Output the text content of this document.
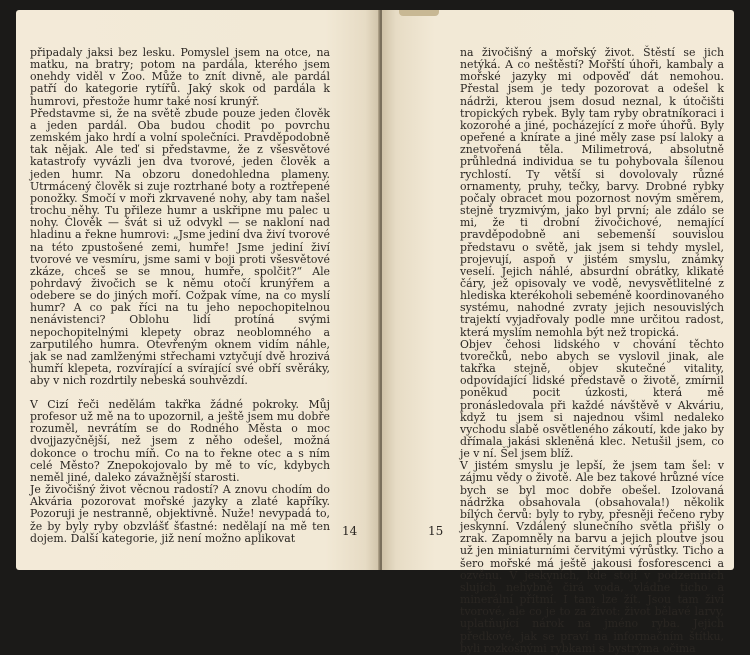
připadaly jaksi bez lesku. Pomyslel jsem na otce, na matku, na bratry; potom na pardála, kterého jsem onehdy viděl v Zoo. Může to znít divně, ale pardál patří do kategorie rytířů. Jaký skok od pardála k humrovi, přestože humr také nosí krunýř.

Představme si, že na světě zbude pouze jeden člověk a jeden pardál. Oba budou chodit po povrchu zemském jako hrdí a volní společníci. Pravděpodobně tak nějak. Ale teď si představme, že z všesvětové katastrofy vyvázli jen dva tvorové, jeden člověk a jeden humr. Na obzoru donedohledna plameny. Utrmácený člověk si zuje roztrhané boty a roztřepené ponožky. Smočí v moři zkrvavené nohy, aby tam našel trochu něhy. Tu přileze humr a uskřipne mu palec u nohy. Člověk — švát si už odvykl — se nakloní nad hladinu a řekne humrovi: „Jsme jediní dva živí tvorové na této zpustošené zemi, humře! Jsme jediní živí tvorové ve vesmíru, jsme sami v boji proti všesvětové zkáze, chceš se se mnou, humře, spolčit?“ Ale pohrdavý živočich se k němu otočí krunýřem a odebere se do jiných moří. Cožpak víme, na co myslí humr? A co pak říci na tu jeho nepochopitelnou nenávistenci? Oblohu lidí protíná svými nepochopitelnými klepety obraz neoblomného a zarputilého humra. Otevřeným oknem vidím náhle, jak se nad zamlženými střechami vztyčují dvě hrozivá humří klepeta, rozvírající a svírající své obří svěráky, aby v nich rozdrtily nebeská souhvězdí.

V Cizí řeči nedělám takřka žádné pokroky. Můj profesor už mě na to upozornil, a ještě jsem mu dobře rozuměl, nevrátím se do Rodného Města o moc dvojjazyčnější, než jsem z něho odešel, možná dokonce o trochu míň. Co na to řekne otec a s ním celé Město? Znepokojovalo by mě to víc, kdybych neměl jiné, daleko závažnější starosti.

Je živočišný život věcnou radostí? A znovu chodím do Akvária pozorovat mořské jazyky a zlaté kapříky. Pozoruji je nestranně, objektivně. Nuže! nevypadá to, že by byly ryby obzvlášť šťastné: nedělají na mě ten dojem. Další kategorie, již není možno aplikovat

14

na živočišný a mořský život. Štěstí se jich netýká. A co neštěstí? Mořští úhoři, kambaly a mořské jazyky mi odpověď dát nemohou. Přestal jsem je tedy pozorovat a odešel k nádrži, kterou jsem dosud neznal, k útočišti tropických rybek. Byly tam ryby obratníkoraci i kozorohé a jiné, pocházející z moře úhořů. Byly opeřené a knírate a jiné měly zase psí laloky a znetvořená těla. Milimetrová, absolutně průhledná individua se tu pohybovala šílenou rychlostí. Ty větší si dovolovaly různé ornamenty, pruhy, tečky, barvy. Drobné rybky počaly obracet mou pozornost novým směrem, stejně tryzmivým, jako byl první; ale zdálo se mi, že ti drobní živočichové, nemající pravděpodobně ani sebemenší souvislou představu o světě, jak jsem si tehdy myslel, projevují, aspoň v jistém smyslu, známky veselí. Jejich náhlé, absurdní obrátky, klikaté čáry, jež opisovaly ve vodě, nevysvětlitelné z hlediska kterékoholi sebeméně koordinovaného systému, nahodné zvraty jejich nesouvislých trajektí vyjadřovaly podle mne určitou radost, která myslím nemohla být než tropická.

Objev čehosi lidského v chování těchto tvorečků, nebo abych se vyslovil jinak, ale takřka stejně, objev skutečné vitality, odpovídající lidské představě o životě, zmírnil poněkud pocit úzkosti, která mě pronásledovala při každé návštěvě v Akváriu, když tu jsem si najednou všiml nedaleko vychodu slabě osvětleného zákoutí, kde jako by dřímala jakási skleněná klec. Netušil jsem, co je v ní. Šel jsem blíž.

V jistém smyslu je lepší, že jsem tam šel: v zájmu vědy o životě. Ale bez takové hrůzné více bych se byl moc dobře obešel. Izolovaná nádržka obsahovala (obsahovala!) několik bílých červů: byly to ryby, přesněji řečeno ryby jeskynní. Vzdálený slunečního světla přišly o zrak. Zapomněly na barvu a jejich ploutve jsou už jen miniaturními červitými výrůstky. Ticho a šero mořské má ještě jakousi fosforescenci a ozvěnu. V jeskyních, kde stojí v podzemních slujích nehybně čirá voda, vládne ticho a minerální přítmí. I tam lze žít. Jsou tam živí tvorové, ale co je to za život: život bělavé larvy, uplatňující nárok na jméno ryba. Jejich předkové, jak se praví na informačním štítku, byli rozkošnými rybkami s bystrýma očima

15
